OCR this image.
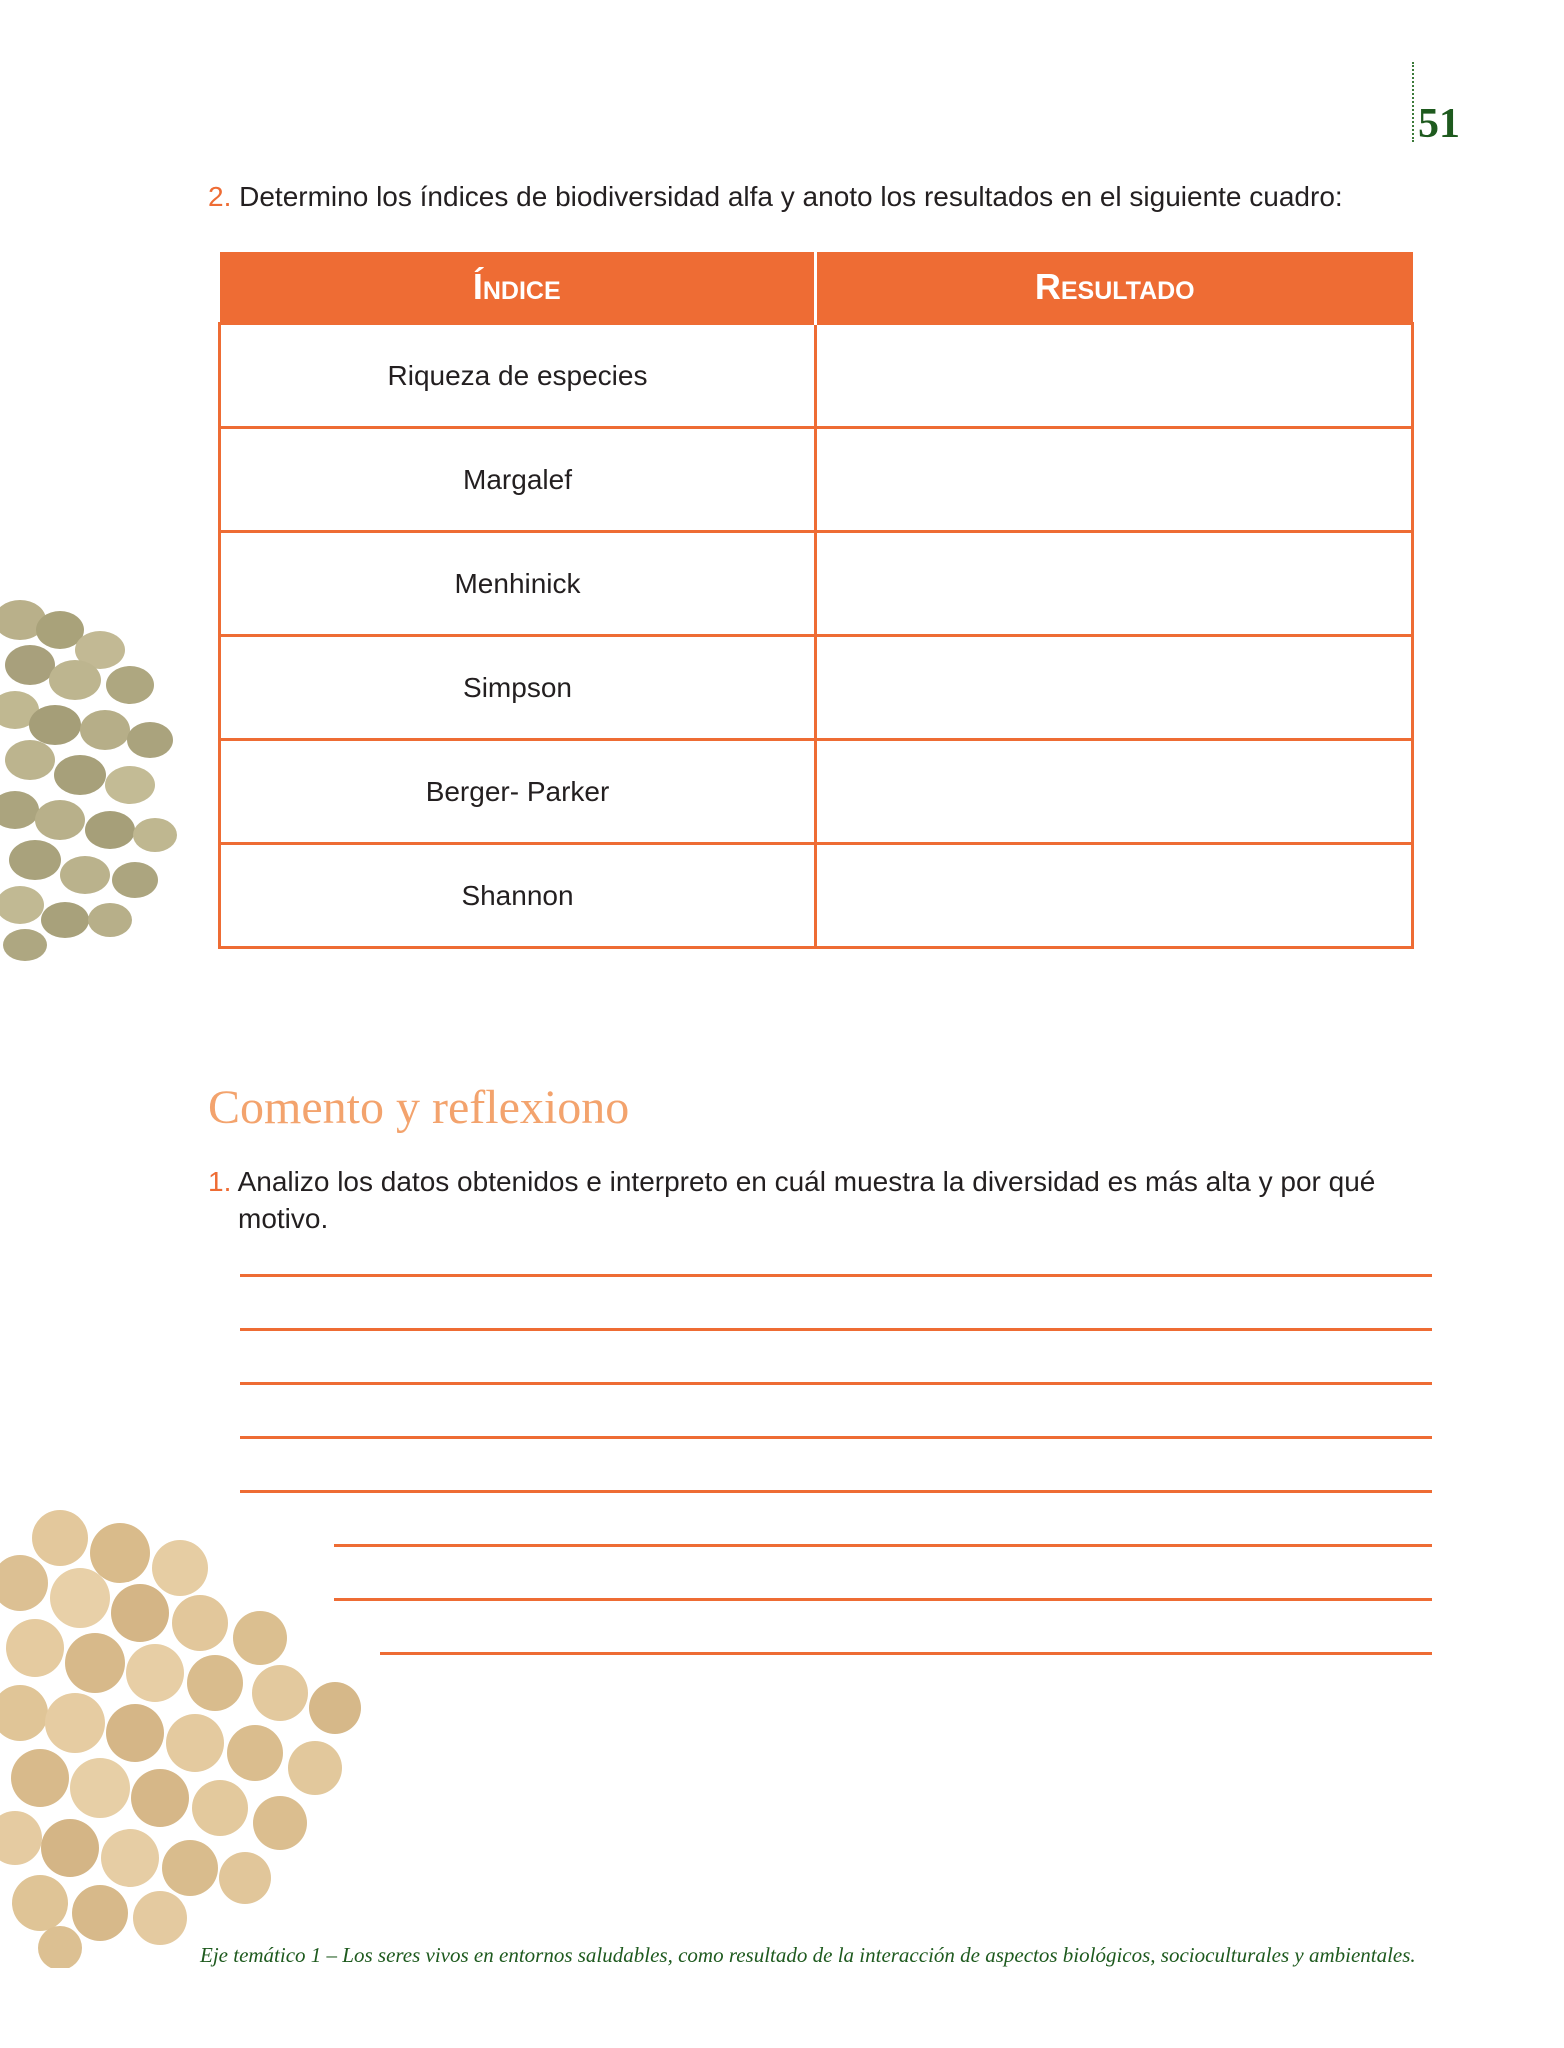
51
2. Determino los índices de biodiversidad alfa y anoto los resultados en el siguiente cuadro:
Índice	Resultado
Riqueza de especies	
Margalef	
Menhinick	
Simpson	
Berger- Parker	
Shannon	
Comento y reflexiono
1. Analizo los datos obtenidos e interpreto en cuál muestra la diversidad es más alta y por qué motivo.
Eje temático 1 – Los seres vivos en entornos saludables, como resultado de la interacción de aspectos biológicos, socioculturales y ambientales.
